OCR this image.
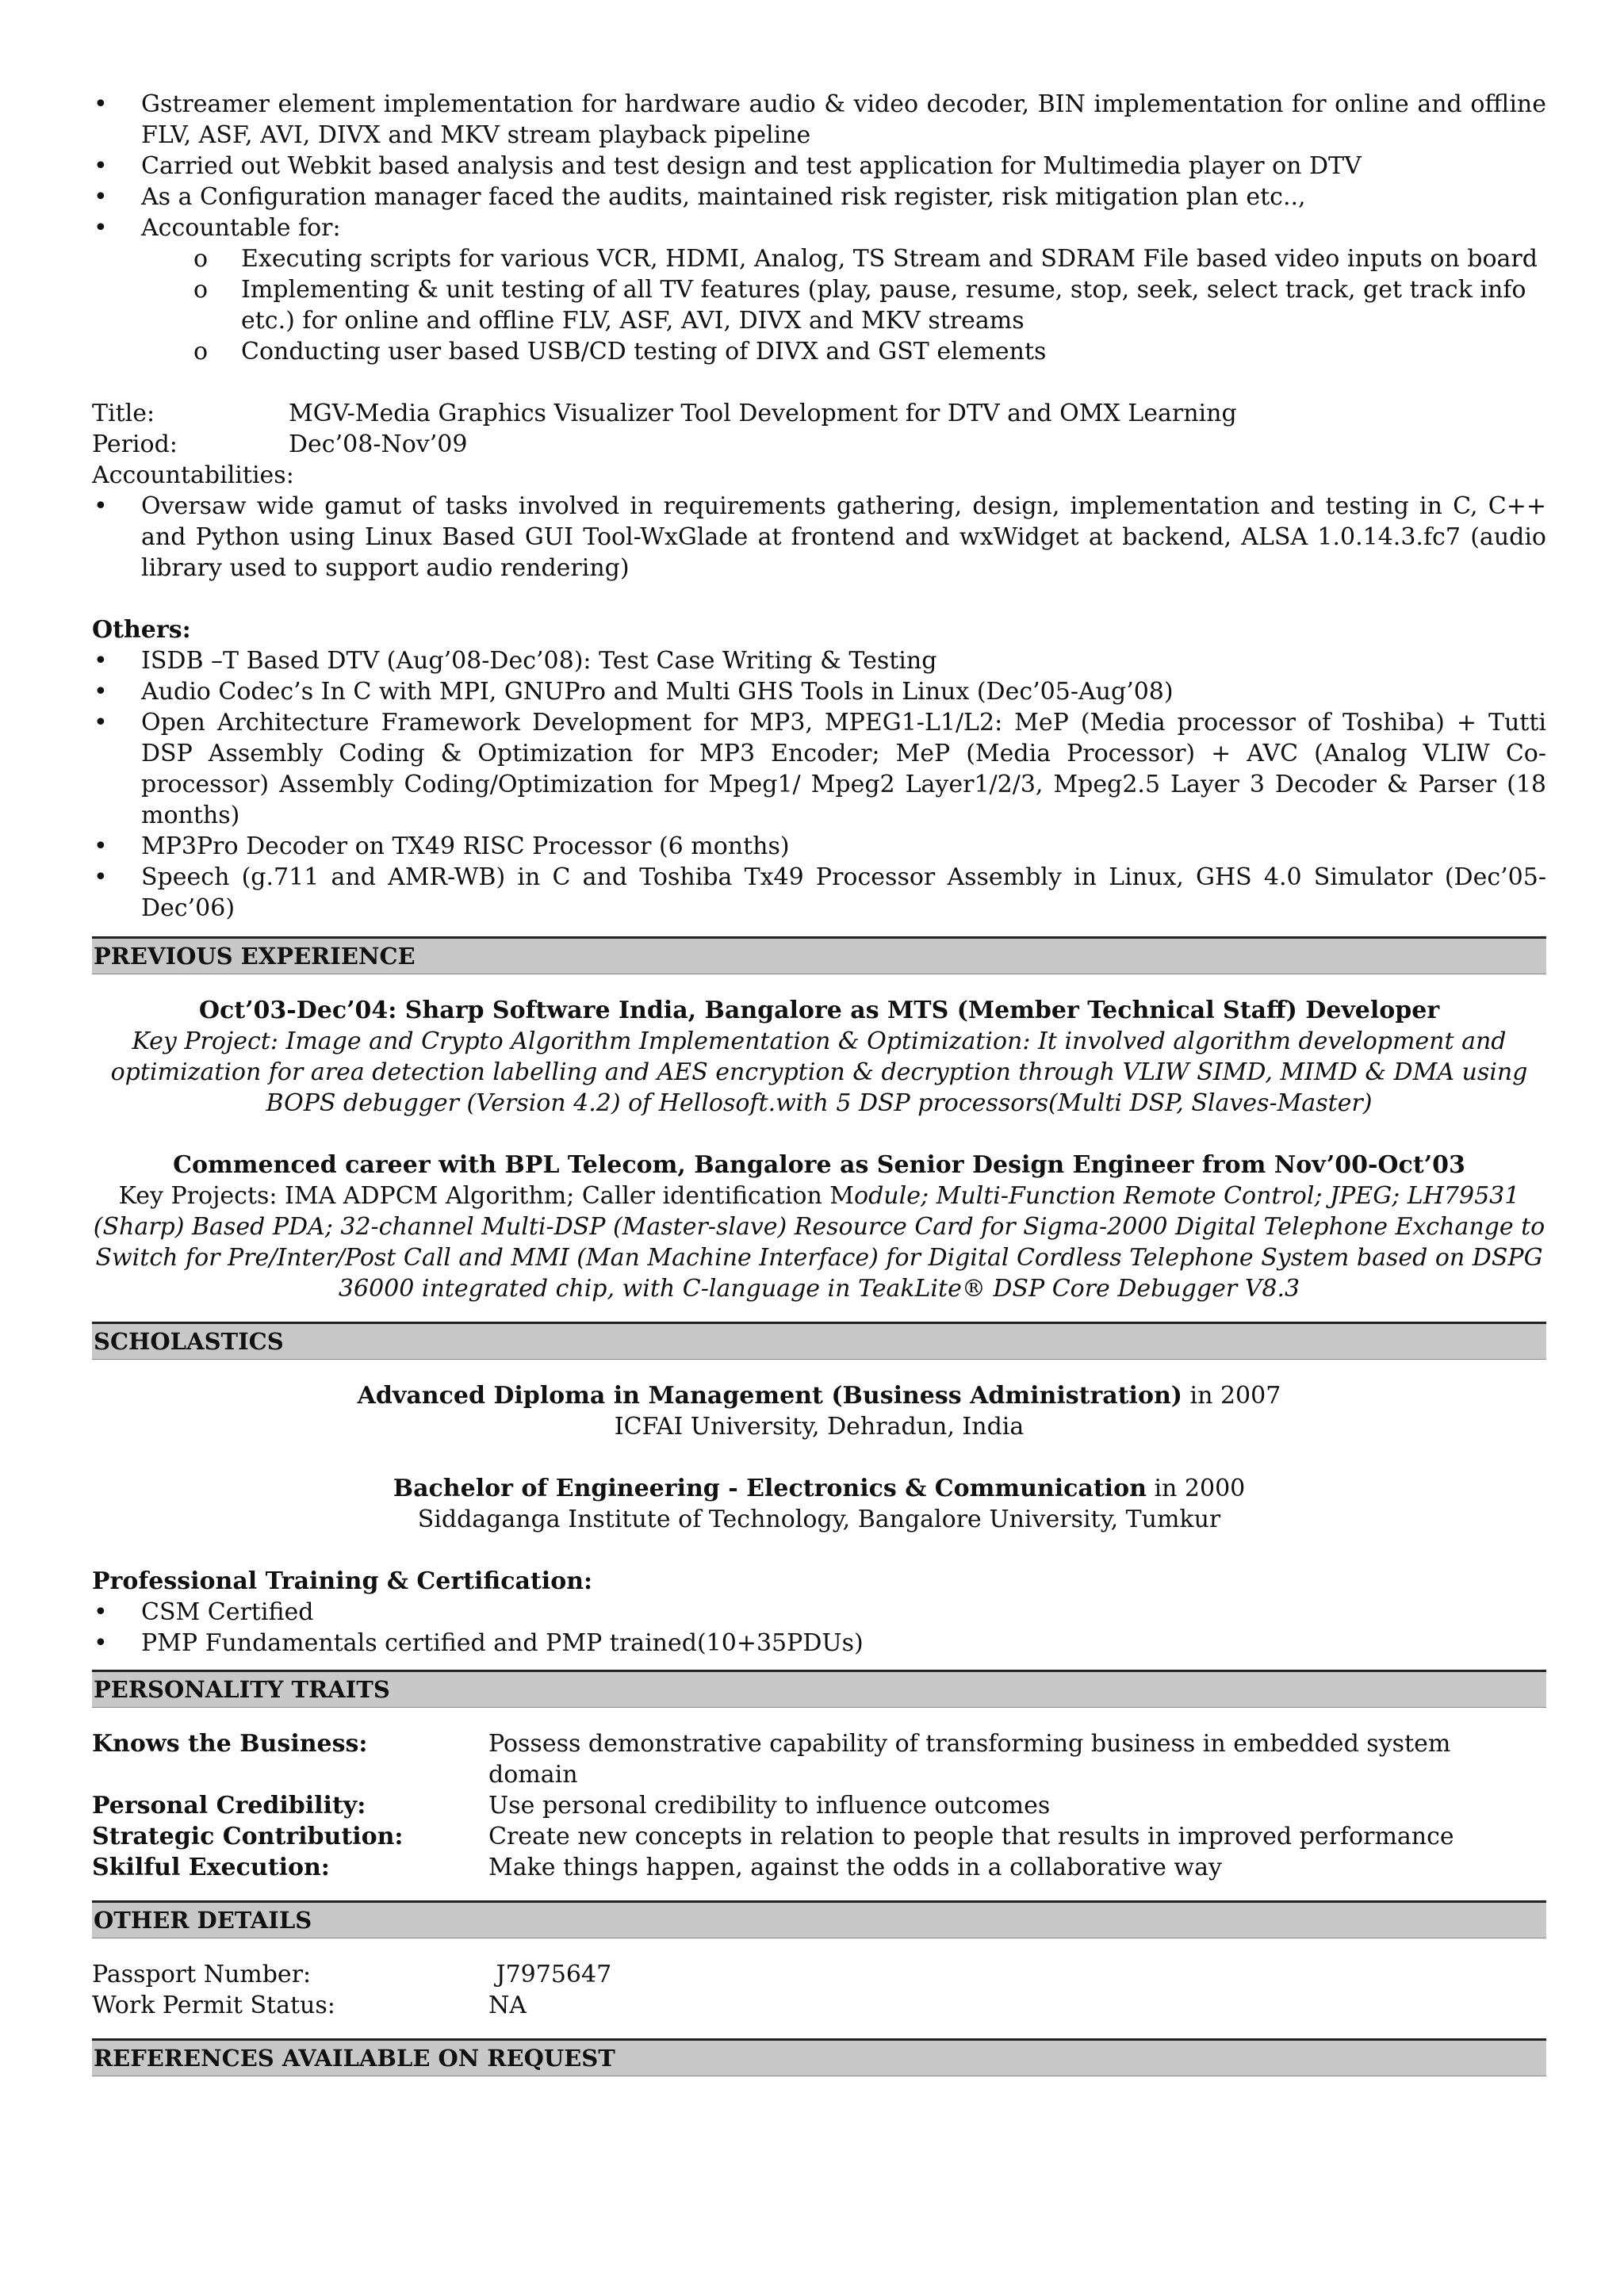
• Gstreamer element implementation for hardware audio & video decoder, BIN implementation for online and offline FLV, ASF, AVI, DIVX and MKV stream playback pipeline
• Carried out Webkit based analysis and test design and test application for Multimedia player on DTV
• As a Configuration manager faced the audits, maintained risk register, risk mitigation plan etc..,
• Accountable for:
o Executing scripts for various VCR, HDMI, Analog, TS Stream and SDRAM File based video inputs on board
o Implementing & unit testing of all TV features (play, pause, resume, stop, seek, select track, get track info etc.) for online and offline FLV, ASF, AVI, DIVX and MKV streams
o Conducting user based USB/CD testing of DIVX and GST elements
Title:	MGV-Media Graphics Visualizer Tool Development for DTV and OMX Learning
Period:	Dec’08-Nov’09
Accountabilities:
• Oversaw wide gamut of tasks involved in requirements gathering, design, implementation and testing in C, C++ and Python using Linux Based GUI Tool-WxGlade at frontend and wxWidget at backend, ALSA 1.0.14.3.fc7 (audio library used to support audio rendering)
Others:
• ISDB –T Based DTV (Aug’08-Dec’08): Test Case Writing & Testing
• Audio Codec’s In C with MPI, GNUPro and Multi GHS Tools in Linux (Dec’05-Aug’08)
• Open Architecture Framework Development for MP3, MPEG1-L1/L2: MeP (Media processor of Toshiba) + Tutti DSP Assembly Coding & Optimization for MP3 Encoder; MeP (Media Processor) + AVC (Analog VLIW Co-processor) Assembly Coding/Optimization for Mpeg1/ Mpeg2 Layer1/2/3, Mpeg2.5 Layer 3 Decoder & Parser (18 months)
• MP3Pro Decoder on TX49 RISC Processor (6 months)
• Speech (g.711 and AMR-WB) in C and Toshiba Tx49 Processor Assembly in Linux, GHS 4.0 Simulator (Dec’05-Dec’06)
PREVIOUS EXPERIENCE
Oct’03-Dec’04: Sharp Software India, Bangalore as MTS (Member Technical Staff) Developer
Key Project: Image and Crypto Algorithm Implementation & Optimization: It involved algorithm development and optimization for area detection labelling and AES encryption & decryption through VLIW SIMD, MIMD & DMA using BOPS debugger (Version 4.2) of Hellosoft.with 5 DSP processors(Multi DSP, Slaves-Master)
Commenced career with BPL Telecom, Bangalore as Senior Design Engineer from Nov’00-Oct’03
Key Projects: IMA ADPCM Algorithm; Caller identification Module; Multi-Function Remote Control; JPEG; LH79531 (Sharp) Based PDA; 32-channel Multi-DSP (Master-slave) Resource Card for Sigma-2000 Digital Telephone Exchange to Switch for Pre/Inter/Post Call and MMI (Man Machine Interface) for Digital Cordless Telephone System based on DSPG 36000 integrated chip, with C-language in TeakLite® DSP Core Debugger V8.3
SCHOLASTICS
Advanced Diploma in Management (Business Administration) in 2007
ICFAI University, Dehradun, India
Bachelor of Engineering - Electronics & Communication in 2000
Siddaganga Institute of Technology, Bangalore University, Tumkur
Professional Training & Certification:
• CSM Certified
• PMP Fundamentals certified and PMP trained(10+35PDUs)
PERSONALITY TRAITS
Knows the Business:	Possess demonstrative capability of transforming business in embedded system domain
Personal Credibility:	Use personal credibility to influence outcomes
Strategic Contribution:	Create new concepts in relation to people that results in improved performance
Skilful Execution:	Make things happen, against the odds in a collaborative way
OTHER DETAILS
Passport Number:	J7975647
Work Permit Status:	NA
REFERENCES AVAILABLE ON REQUEST
